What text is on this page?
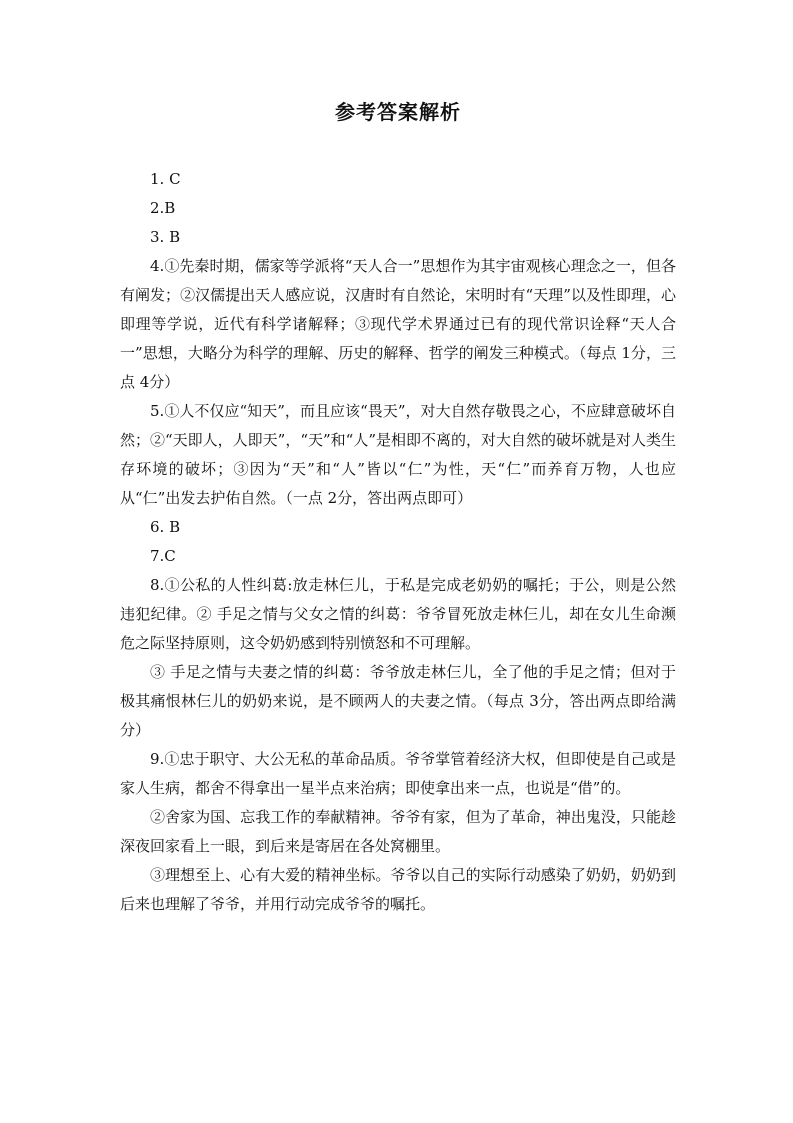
参考答案解析

1. C

2.B

3. B

4.①先秦时期，儒家等学派将“天人合一”思想作为其宇宙观核心理念之一，但各有阐发；②汉儒提出天人感应说，汉唐时有自然论，宋明时有“天理”以及性即理，心即理等学说，近代有科学诸解释；③现代学术界通过已有的现代常识诠释“天人合一”思想，大略分为科学的理解、历史的解释、哲学的阐发三种模式。（每点 1分，三点 4分）

5.①人不仅应“知天”，而且应该“畏天”，对大自然存敬畏之心，不应肆意破坏自然；②“天即人，人即天”，“天”和“人”是相即不离的，对大自然的破坏就是对人类生存环境的破坏；③因为“天”和“人”皆以“仁”为性，天“仁”而养育万物，人也应从“仁”出发去护佑自然。（一点 2分，答出两点即可）

6. B

7.C

8.①公私的人性纠葛:放走林仨儿，于私是完成老奶奶的嘱托；于公，则是公然违犯纪律。② 手足之情与父女之情的纠葛：爷爷冒死放走林仨儿，却在女儿生命濒危之际坚持原则，这令奶奶感到特别愤怒和不可理解。

③ 手足之情与夫妻之情的纠葛：爷爷放走林仨儿，全了他的手足之情；但对于极其痛恨林仨儿的奶奶来说，是不顾两人的夫妻之情。（每点 3分，答出两点即给满分）

9.①忠于职守、大公无私的革命品质。爷爷掌管着经济大权，但即使是自己或是家人生病，都舍不得拿出一星半点来治病；即使拿出来一点，也说是“借”的。

②舍家为国、忘我工作的奉献精神。爷爷有家，但为了革命，神出鬼没，只能趁深夜回家看上一眼，到后来是寄居在各处窝棚里。

③理想至上、心有大爱的精神坐标。爷爷以自己的实际行动感染了奶奶，奶奶到后来也理解了爷爷，并用行动完成爷爷的嘱托。
